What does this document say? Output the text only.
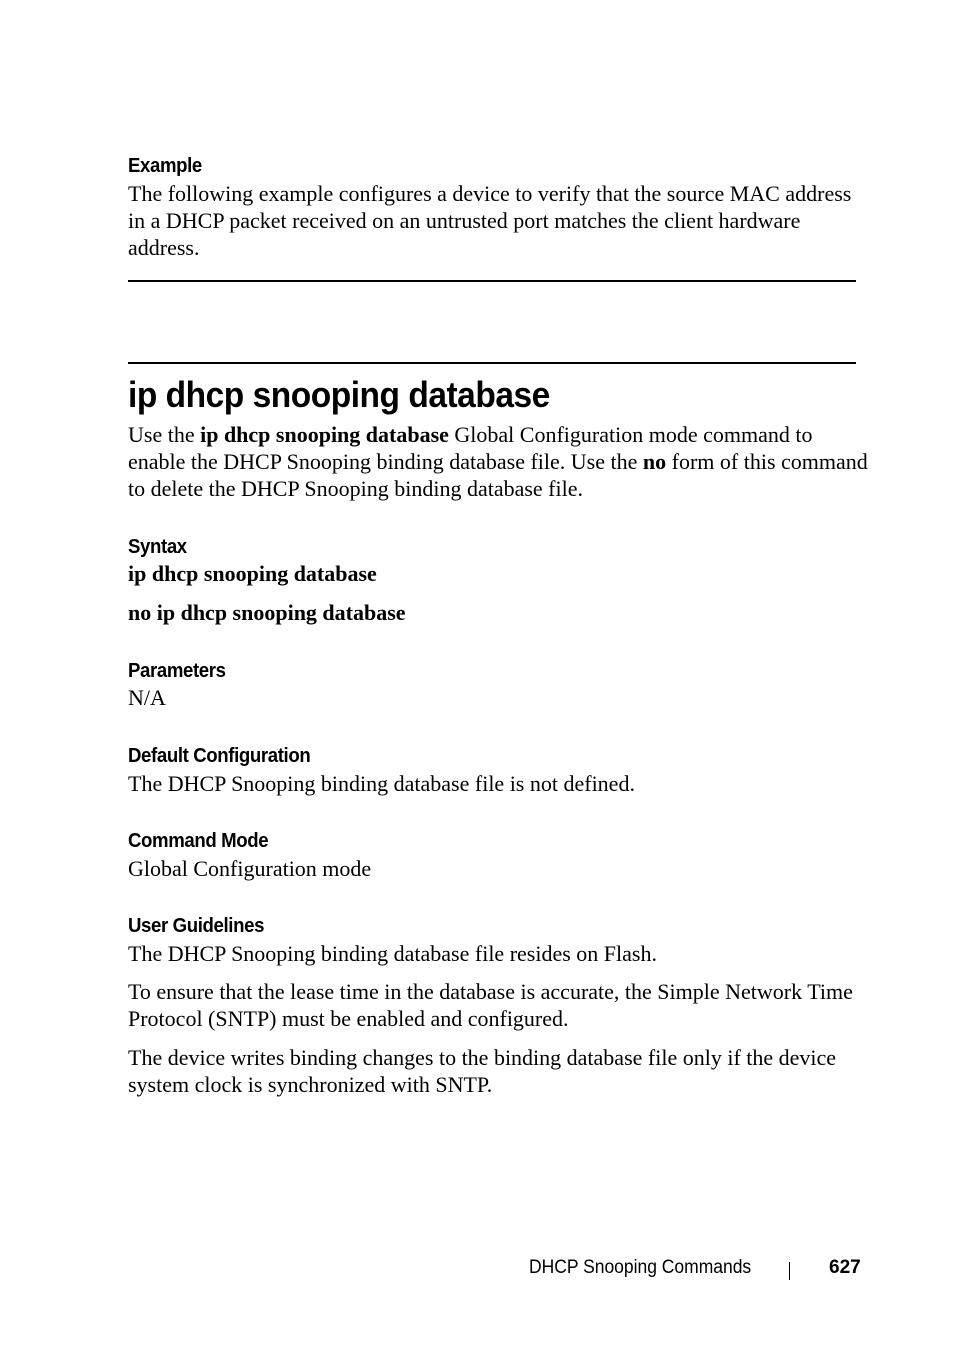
Example

The following example configures a device to verify that the source MAC address in a DHCP packet received on an untrusted port matches the client hardware address.

ip dhcp snooping database

Use the ip dhcp snooping database Global Configuration mode command to enable the DHCP Snooping binding database file. Use the no form of this command to delete the DHCP Snooping binding database file.

Syntax

ip dhcp snooping database

no ip dhcp snooping database

Parameters

N/A

Default Configuration

The DHCP Snooping binding database file is not defined.

Command Mode

Global Configuration mode

User Guidelines

The DHCP Snooping binding database file resides on Flash.

To ensure that the lease time in the database is accurate, the Simple Network Time Protocol (SNTP) must be enabled and configured.

The device writes binding changes to the binding database file only if the device system clock is synchronized with SNTP.

DHCP Snooping Commands	627
